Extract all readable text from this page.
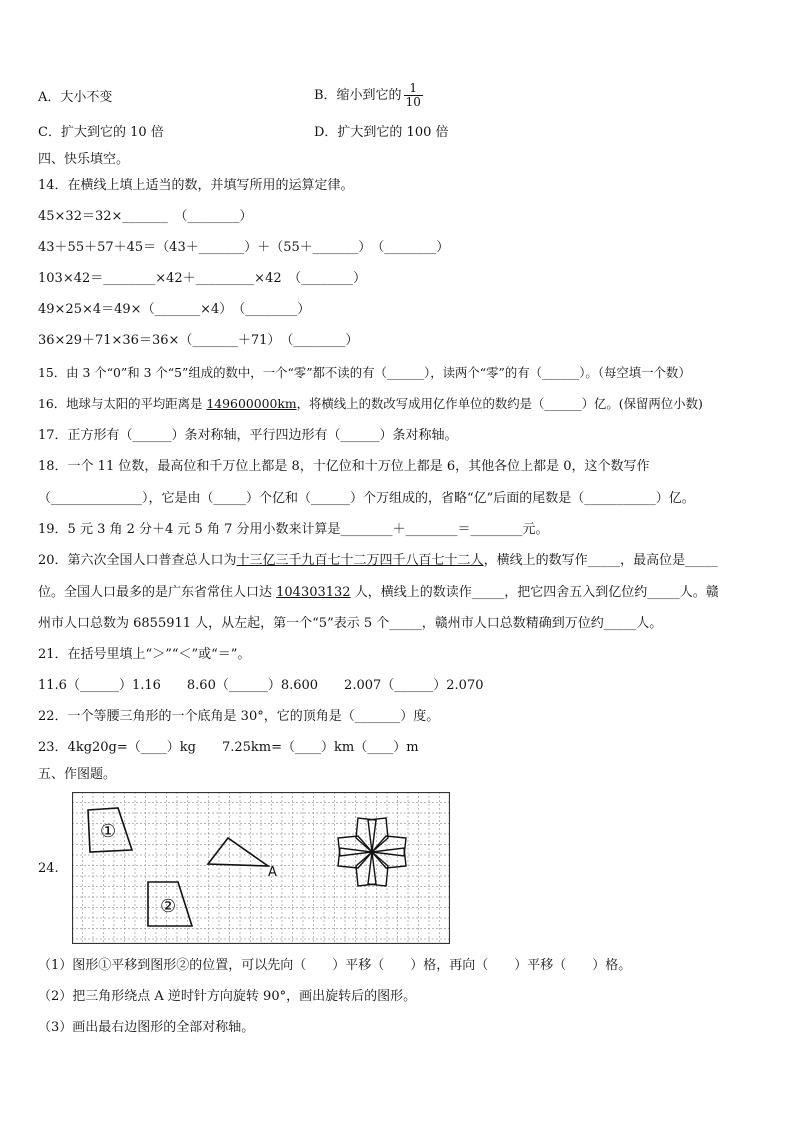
A．大小不变	B．缩小到它的 $\frac{1}{10}$
C．扩大到它的 10 倍	D．扩大到它的 100 倍
四、快乐填空。
14．在横线上填上适当的数，并填写所用的运算定律。
45×32＝32×_______　（________）
43＋55＋57＋45＝（43＋_______）＋（55＋_______）　（________）
103×42＝________×42＋_________×42　（________）
49×25×4＝49×（_______×4）　（________）
36×29＋71×36＝36×（_______＋71）　（________）
15．由 3 个“0”和 3 个“5”组成的数中，一个“零”都不读的有（______），读两个“零”的有（______）。（每空填一个数）
16．地球与太阳的平均距离是 149600000km，将横线上的数改写成用亿作单位的数约是（______）亿。(保留两位小数)
17．正方形有（______）条对称轴，平行四边形有（______）条对称轴。
18．一个 11 位数，最高位和千万位上都是 8，十亿位和十万位上都是 6，其他各位上都是 0，这个数写作
（______________），它是由（_____）个亿和（______）个万组成的，省略“亿”后面的尾数是（___________）亿。
19．5 元 3 角 2 分＋4 元 5 角 7 分用小数来计算是________＋________＝________元。
20．第六次全国人口普查总人口为十三亿三千九百七十二万四千八百七十二人，横线上的数写作_____，最高位是_____
位。全国人口最多的是广东省常住人口达 104303132 人，横线上的数读作_____，把它四舍五入到亿位约_____人。赣
州市人口总数为 6855911 人，从左起，第一个“5”表示 5 个_____，赣州市人口总数精确到万位约_____人。
21．在括号里填上“＞”“＜”或“＝”。
11.6（______）1.16　　8.60（______）8.600　　2.007（______）2.070
22．一个等腰三角形的一个底角是 30°，它的顶角是（_______）度。
23．4kg20g=（____）kg　　7.25km=（____）km（____）m
五、作图题。
24.
①
②
A
（1）图形①平移到图形②的位置，可以先向（　　）平移（　　）格，再向（　　）平移（　　）格。
（2）把三角形绕点 A 逆时针方向旋转 90°，画出旋转后的图形。
（3）画出最右边图形的全部对称轴。
